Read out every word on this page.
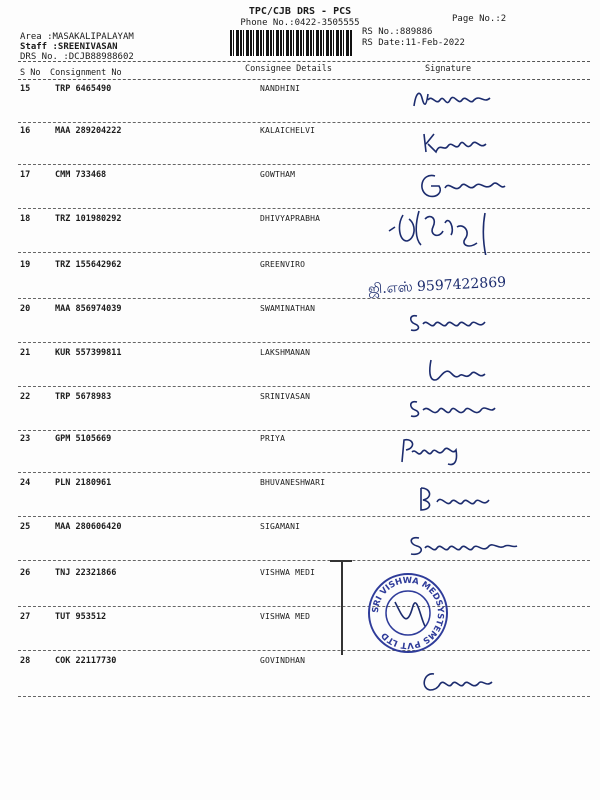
TPC/CJB DRS - PCS
Phone No.:0422-3505555	Page No.:2
RS No.:889886
RS Date:11-Feb-2022
Area :MASAKALIPALAYAM
Staff :SREENIVASAN
DRS No. :DCJB88988602
S No Consignment No	Consignee Details	Signature
15	TRP 6465490	NANDHINI
16	MAA 289204222	KALAICHELVI
17	CMM 733468	GOWTHAM
18	TRZ 101980292	DHIVYAPRABHA
19	TRZ 155642962	GREENVIRO
20	MAA 856974039	SWAMINATHAN
21	KUR 557399811	LAKSHMANAN
22	TRP 5678983	SRINIVASAN
23	GPM 5105669	PRIYA
24	PLN 2180961	BHUVANESHWARI
25	MAA 280606420	SIGAMANI
26	TNJ 22321866	VISHWA MEDI
27	TUT 953512	VISHWA MED
28	COK 22117730	GOVINDHAN
ஜி.எஸ் 9597422869
SRI VISHWA MEDSYSTEMS PVT LTD
